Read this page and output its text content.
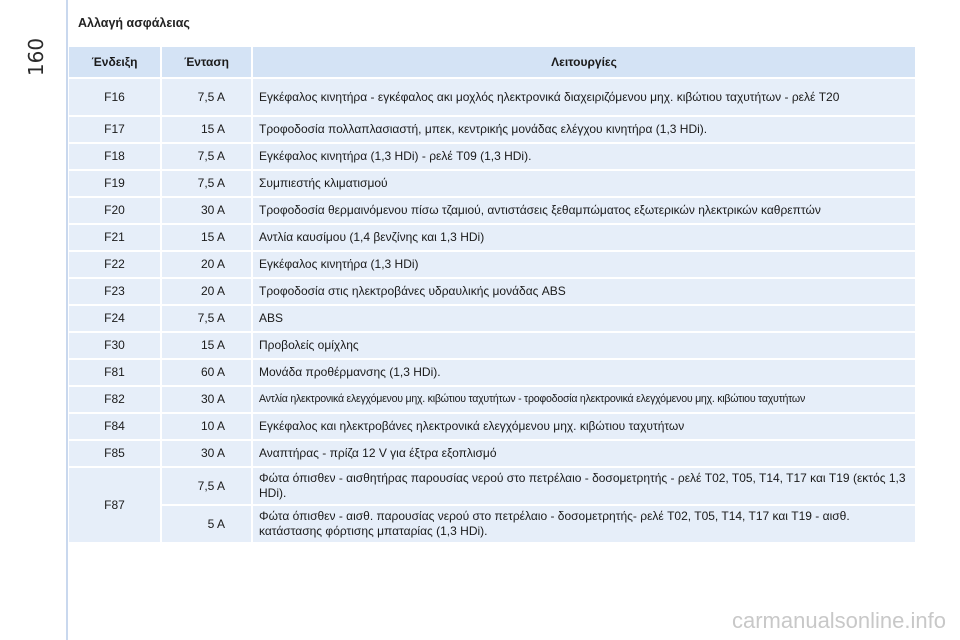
160
Αλλαγή ασφάλειας
Ένδειξη	Ένταση	Λειτουργίες
F16	7,5 A	Εγκέφαλος κινητήρα - εγκέφαλος ακι μοχλός ηλεκτρονικά διαχειριζόμενου μηχ. κιβώτιου ταχυτήτων - ρελέ T20
F17	15 A	Τροφοδοσία πολλαπλασιαστή, μπεκ, κεντρικής μονάδας ελέγχου κινητήρα (1,3 HDi).
F18	7,5 A	Εγκέφαλος κινητήρα (1,3 HDi) - ρελέ T09 (1,3 HDi).
F19	7,5 A	Συμπιεστής κλιματισμού
F20	30 A	Τροφοδοσία θερμαινόμενου πίσω τζαμιού, αντιστάσεις ξεθαμπώματος εξωτερικών ηλεκτρικών καθρεπτών
F21	15 A	Αντλία καυσίμου (1,4 βενζίνης και 1,3 HDi)
F22	20 A	Εγκέφαλος κινητήρα (1,3 HDi)
F23	20 A	Τροφοδοσία στις ηλεκτροβάνες υδραυλικής μονάδας ABS
F24	7,5 A	ABS
F30	15 A	Προβολείς ομίχλης
F81	60 A	Μονάδα προθέρμανσης (1,3 HDi).
F82	30 A	Αντλία ηλεκτρονικά ελεγχόμενου μηχ. κιβώτιου ταχυτήτων - τροφοδοσία ηλεκτρονικά ελεγχόμενου μηχ. κιβώτιου ταχυτήτων
F84	10 A	Εγκέφαλος και ηλεκτροβάνες ηλεκτρονικά ελεγχόμενου μηχ. κιβώτιου ταχυτήτων
F85	30 A	Αναπτήρας - πρίζα 12 V για έξτρα εξοπλισμό
F87	7,5 A	Φώτα όπισθεν - αισθητήρας παρουσίας νερού στο πετρέλαιο - δοσομετρητής - ρελέ T02, T05, T14, T17 και T19 (εκτός 1,3 HDi).
	5 A	Φώτα όπισθεν - αισθ. παρουσίας νερού στο πετρέλαιο - δοσομετρητής- ρελέ T02, T05, T14, T17 και T19 - αισθ. κατάστασης φόρτισης μπαταρίας (1,3 HDi).
carmanualsonline.info
